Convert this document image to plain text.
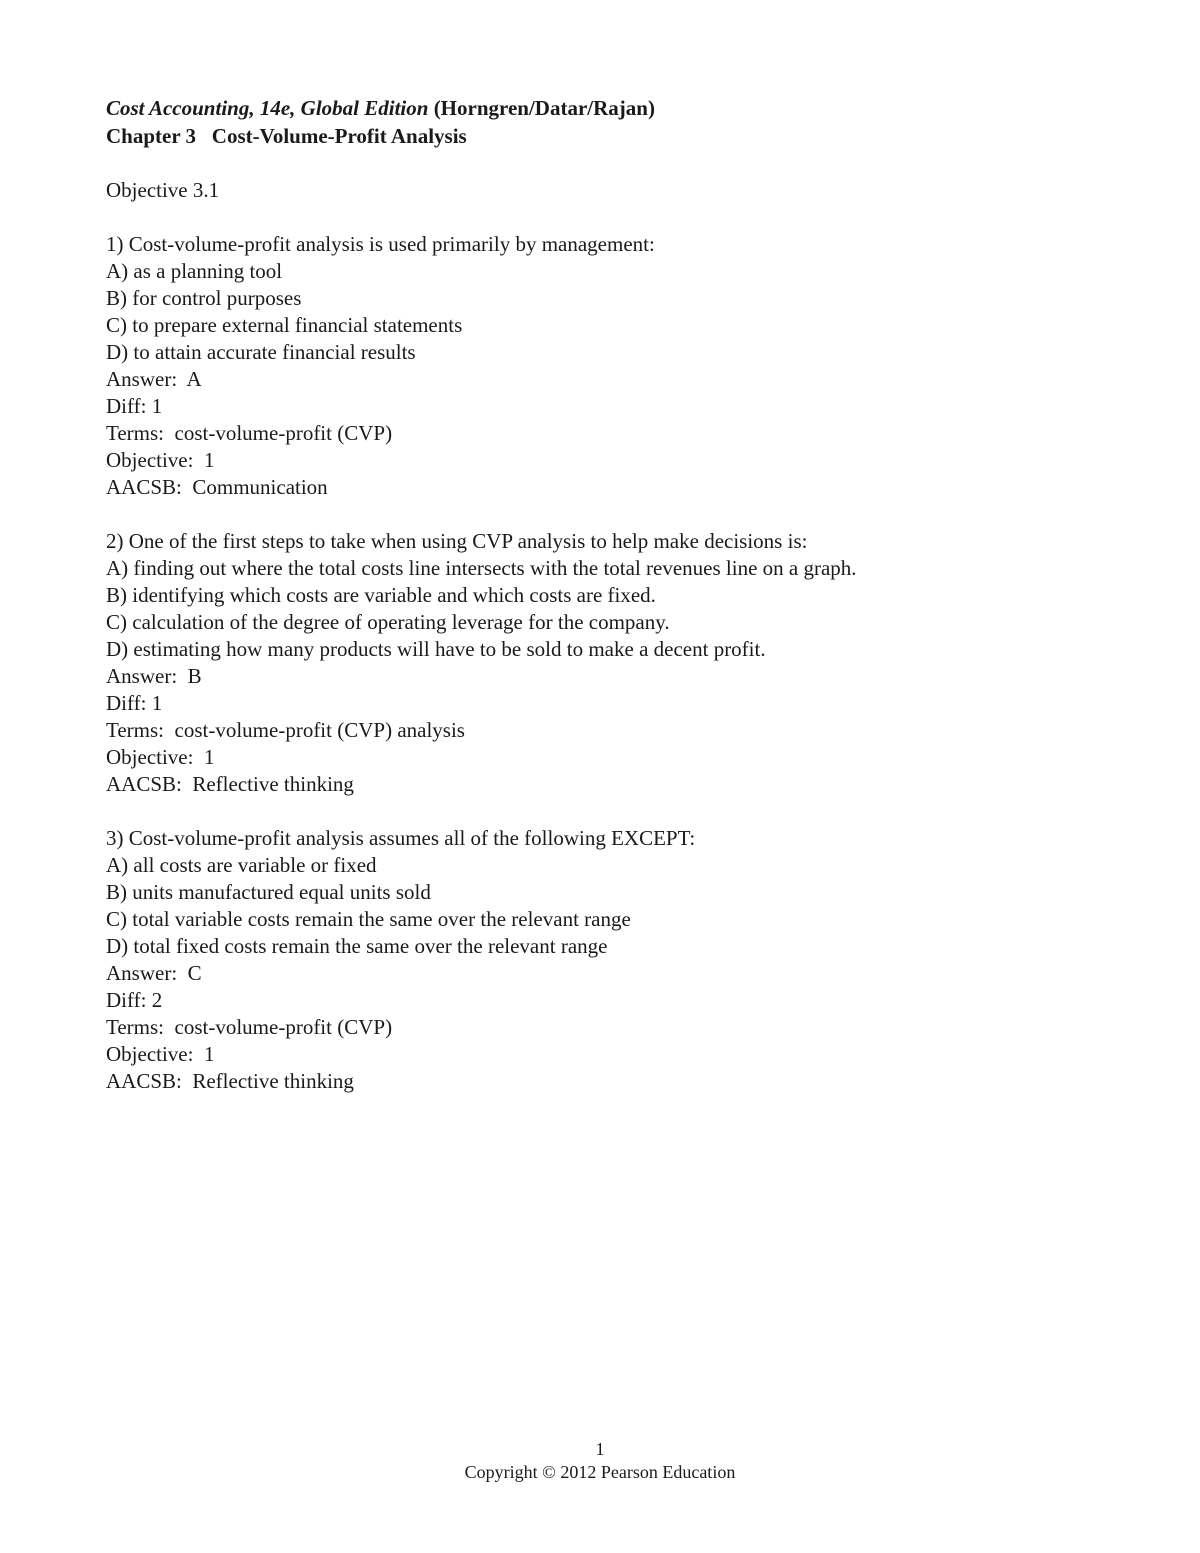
Cost Accounting, 14e, Global Edition (Horngren/Datar/Rajan)
Chapter 3   Cost-Volume-Profit Analysis
Objective 3.1
1) Cost-volume-profit analysis is used primarily by management:
A) as a planning tool
B) for control purposes
C) to prepare external financial statements
D) to attain accurate financial results
Answer:  A
Diff: 1
Terms:  cost-volume-profit (CVP)
Objective:  1
AACSB:  Communication
2) One of the first steps to take when using CVP analysis to help make decisions is:
A) finding out where the total costs line intersects with the total revenues line on a graph.
B) identifying which costs are variable and which costs are fixed.
C) calculation of the degree of operating leverage for the company.
D) estimating how many products will have to be sold to make a decent profit.
Answer:  B
Diff: 1
Terms:  cost-volume-profit (CVP) analysis
Objective:  1
AACSB:  Reflective thinking
3) Cost-volume-profit analysis assumes all of the following EXCEPT:
A) all costs are variable or fixed
B) units manufactured equal units sold
C) total variable costs remain the same over the relevant range
D) total fixed costs remain the same over the relevant range
Answer:  C
Diff: 2
Terms:  cost-volume-profit (CVP)
Objective:  1
AACSB:  Reflective thinking
1
Copyright © 2012 Pearson Education
